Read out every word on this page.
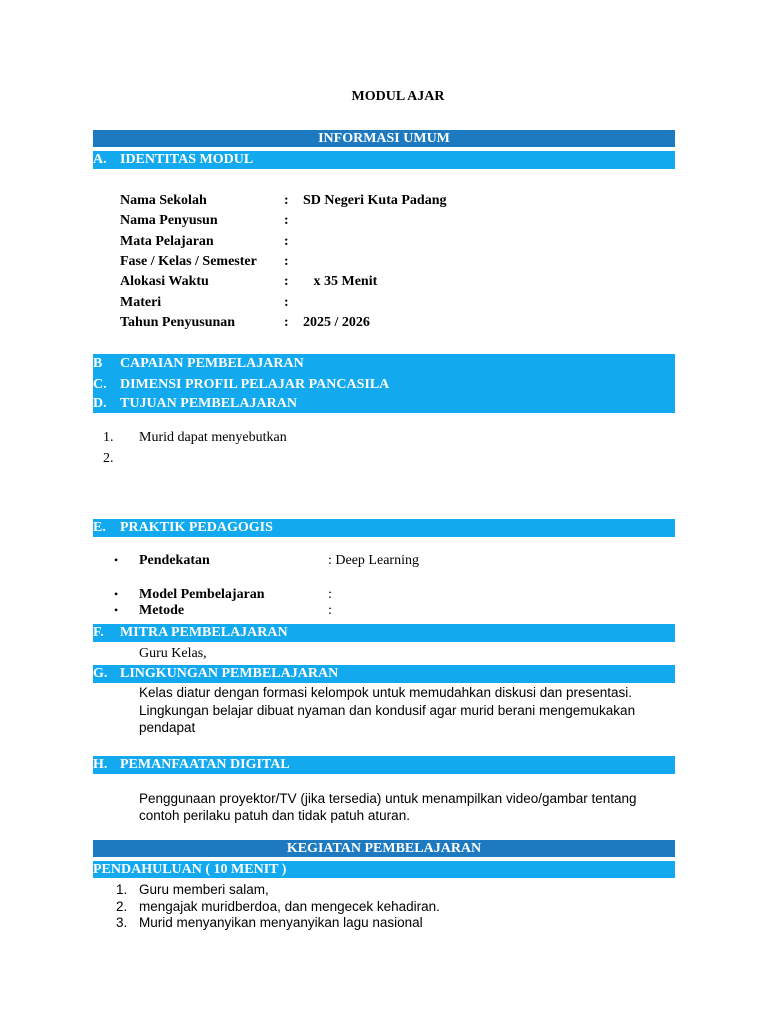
MODUL AJAR
INFORMASI UMUM
A. IDENTITAS MODUL
Nama Sekolah	: SD Negeri Kuta Padang
Nama Penyusun	:
Mata Pelajaran	:
Fase / Kelas / Semester :
Alokasi Waktu	: x 35 Menit
Materi	:
Tahun Penyusunan	: 2025 / 2026
B CAPAIAN PEMBELAJARAN
C. DIMENSI PROFIL PELAJAR PANCASILA
D. TUJUAN PEMBELAJARAN
1. Murid dapat menyebutkan
2.
E. PRAKTIK PEDAGOGIS
• Pendekatan	: Deep Learning
• Model Pembelajaran	:
• Metode	:
F. MITRA PEMBELAJARAN
Guru Kelas,
G. LINGKUNGAN PEMBELAJARAN
Kelas diatur dengan formasi kelompok untuk memudahkan diskusi dan presentasi.
Lingkungan belajar dibuat nyaman dan kondusif agar murid berani mengemukakan
pendapat
H. PEMANFAATAN DIGITAL
Penggunaan proyektor/TV (jika tersedia) untuk menampilkan video/gambar tentang
contoh perilaku patuh dan tidak patuh aturan.
KEGIATAN PEMBELAJARAN
PENDAHULUAN ( 10 MENIT )
1. Guru memberi salam,
2. mengajak muridberdoa, dan mengecek kehadiran.
3. Murid menyanyikan menyanyikan lagu nasional
